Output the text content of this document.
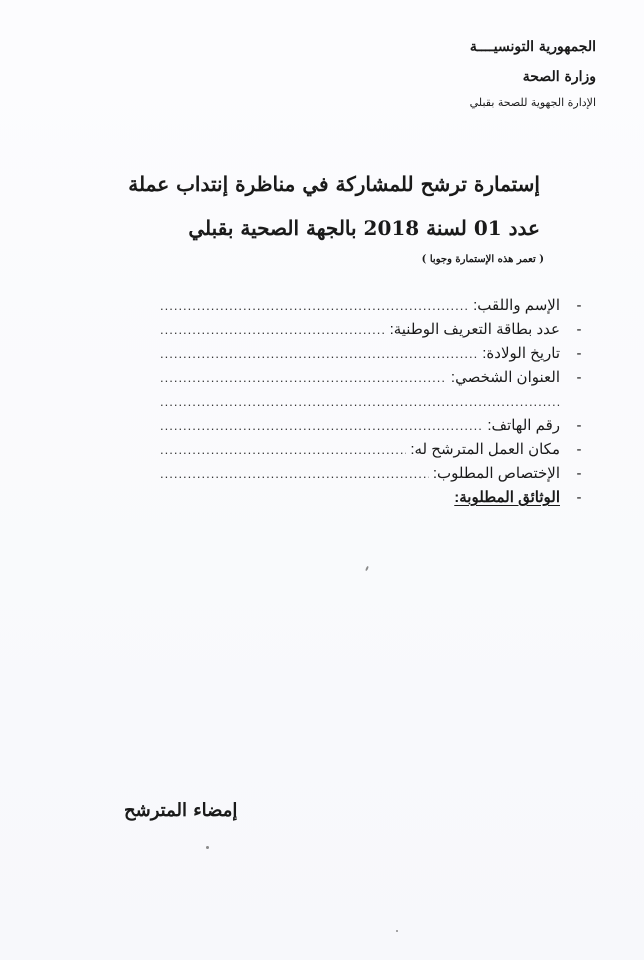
الجمهورية التونسيــــة
وزارة الصحة
الإدارة الجهوية للصحة بقبلي
إستمارة ترشح للمشاركة في مناظرة إنتداب عملة
عدد 01 لسنة 2018 بالجهة الصحية بقبلي
( تعمر هذه الإستمارة وجوبا )
-
الإسم واللقب:
.....
-
عدد بطاقة التعريف الوطنية:
.....
-
تاريخ الولادة:
.....
-
العنوان الشخصي:
.....
.....
-
رقم الهاتف:
.....
-
مكان العمل المترشح له:
.....
-
الإختصاص المطلوب:
.....
-
الوثائق المطلوبة:
إمضاء المترشح
